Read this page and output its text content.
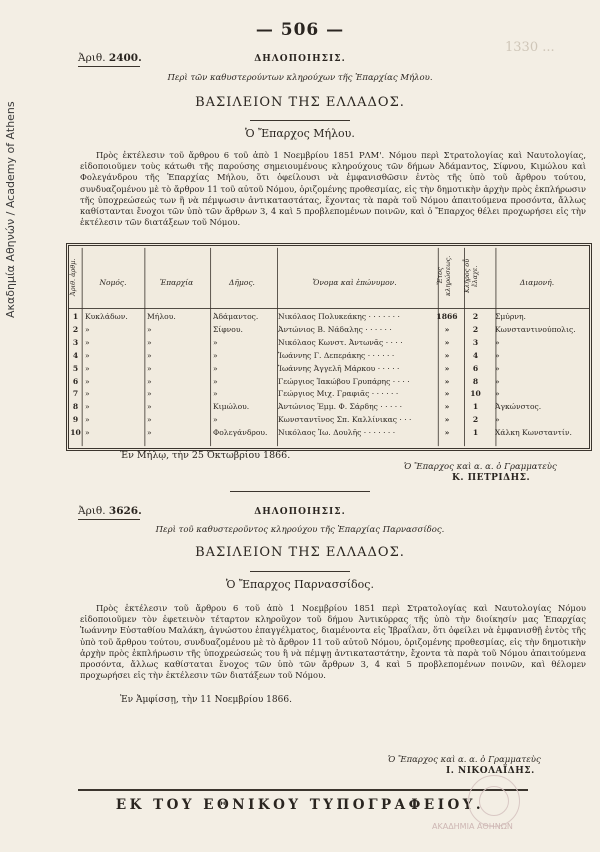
Ακαδημία Αθηνών / Academy of Athens
— 506 —
1330 ...
Ἀριθ. 2400.	ΔΗΛΟΠΟΙΗΣΙΣ.
Περὶ τῶν καθυστερούντων κληρούχων τῆς Ἐπαρχίας Μήλου.
ΒΑΣΙΛΕΙΟΝ ΤΗΣ ΕΛΛΑΔΟΣ.
Ὁ Ἔπαρχος Μήλου.
Πρὸς ἐκτέλεσιν τοῦ ἄρθρου 6 τοῦ ἀπὸ 1 Νοεμβρίου 1851 ΡΛΜ'. Νόμου περὶ Στρατολογίας καὶ Ναυτολογίας, εἰδοποιοῦμεν τοὺς κάτωθι τῆς παρούσης σημειουμένους κληρούχους τῶν δήμων Ἀδάμαντος, Σίφνου, Κιμώλου καὶ Φολεγάνδρου τῆς Ἐπαρχίας Μήλου, ὅτι ὀφείλουσι νὰ ἐμφανισθῶσιν ἐντὸς τῆς ὑπὸ τοῦ ἄρθρου τούτου, συνδυαζομένου μὲ τὸ ἄρθρον 11 τοῦ αὐτοῦ Νόμου, ὁριζομένης προθεσμίας, εἰς τὴν δημοτικὴν ἀρχὴν πρὸς ἐκπλήρωσιν τῆς ὑποχρεώσεώς των ἢ νὰ πέμψωσιν ἀντικαταστάτας, ἔχοντας τὰ παρὰ τοῦ Νόμου ἀπαιτούμενα προσόντα, ἄλλως καθίστανται ἔνοχοι τῶν ὑπὸ τῶν ἄρθρων 3, 4 καὶ 5 προβλεπομένων ποινῶν, καὶ ὁ Ἔπαρχος θέλει προχωρήσει εἰς τὴν ἐκτέλεσιν τῶν διατάξεων τοῦ Νόμου.
Ἀριθ. ἀρθμ.	Νομός.	Ἐπαρχία	Δῆμος.	Ὄνομα καὶ ἐπώνυμον.	Ἔτος κληρώσεως.	Κλῆρος οὗ ἔλαχε.	Διαμονή.
1 Κυκλάδων.	Μήλου.	Ἀδάμαντος.	Νικόλαος Πολυκεάκης · · · · · · ·	1866	2	Σμύρνη.
2 »	»	Σίφνου.	Ἀντώνιος Β. Νάδαλης · · · · · ·	»	2	Κωνσταντινούπολις.
3 »	»	»	Νικόλαος Κωνστ. Ἀντωνᾶς · · · ·	»	3	»
4 »	»	»	Ἰωάννης Γ. Δεπεράκης · · · · · ·	»	4	»
5 »	»	»	Ἰωάννης Ἀγγελῆ Μάρκου · · · · ·	»	6	»
6 »	»	»	Γεώργιος Ἰακώβου Γρυπάρης · · · ·	»	8	»
7 »	»	»	Γεώργιος Μιχ. Γραφιᾶς · · · · · ·	»	10	»
8 »	»	Κιμώλου.	Ἀντώνιος Ἐμμ. Φ. Σάρδης · · · · ·	»	1	Ἀγκώνστος.
9 »	»	»	Κωνσταντῖνος Σπ. Καλλίνικας · · ·	»	2	»
10 »	»	Φολεγάνδρου.	Νικόλαος Ἰω. Δουλῆς · · · · · · ·	»	1	Χάλκη Κωνσταντίν.
Ἐν Μήλῳ, τὴν 25 Ὀκτωβρίου 1866.
Ὁ Ἔπαρχος καὶ α. α. ὁ Γραμματεὺς
Κ. ΠΕΤΡΙΔΗΣ.
Ἀριθ. 3626.	ΔΗΛΟΠΟΙΗΣΙΣ.
Περὶ τοῦ καθυστεροῦντος κληρούχου τῆς Ἐπαρχίας Παρνασσίδος.
ΒΑΣΙΛΕΙΟΝ ΤΗΣ ΕΛΛΑΔΟΣ.
Ὁ Ἔπαρχος Παρνασσίδος.
Πρὸς ἐκτέλεσιν τοῦ ἄρθρου 6 τοῦ ἀπὸ 1 Νοεμβρίου 1851 περὶ Στρατολογίας καὶ Ναυτολογίας Νόμου εἰδοποιοῦμεν τὸν ἐφετεινὸν τέταρτον κληροῦχον τοῦ δήμου Ἀντικύρρας τῆς ὑπὸ τὴν διοίκησίν μας Ἐπαρχίας Ἰωάννην Εὐσταθίου Μαλάκη, ἀγνώστου ἐπαγγέλματος, διαμένοντα εἰς Ἰβραΐλαν, ὅτι ὀφείλει νὰ ἐμφανισθῇ ἐντὸς τῆς ὑπὸ τοῦ ἄρθρου τούτου, συνδυαζομένου μὲ τὸ ἄρθρον 11 τοῦ αὐτοῦ Νόμου, ὁριζομένης προθεσμίας, εἰς τὴν δημοτικὴν ἀρχὴν πρὸς ἐκπλήρωσιν τῆς ὑποχρεώσεώς του ἢ νὰ πέμψῃ ἀντικαταστάτην, ἔχοντα τὰ παρὰ τοῦ Νόμου ἀπαιτούμενα προσόντα, ἄλλως καθίσταται ἔνοχος τῶν ὑπὸ τῶν ἄρθρων 3, 4 καὶ 5 προβλεπομένων ποινῶν, καὶ θέλομεν προχωρήσει εἰς τὴν ἐκτέλεσιν τῶν διατάξεων τοῦ Νόμου.
Ἐν Ἀμφίσσῃ, τὴν 11 Νοεμβρίου 1866.
Ὁ Ἔπαρχος καὶ α. α. ὁ Γραμματεὺς
Ι. ΝΙΚΟΛΑΪΔΗΣ.
ΕΚ ΤΟΥ ΕΘΝΙΚΟΥ ΤΥΠΟΓΡΑΦΕΙΟΥ.
ΑΚΑΔΗΜΙΑ ΑΘΗΝΩΝ
